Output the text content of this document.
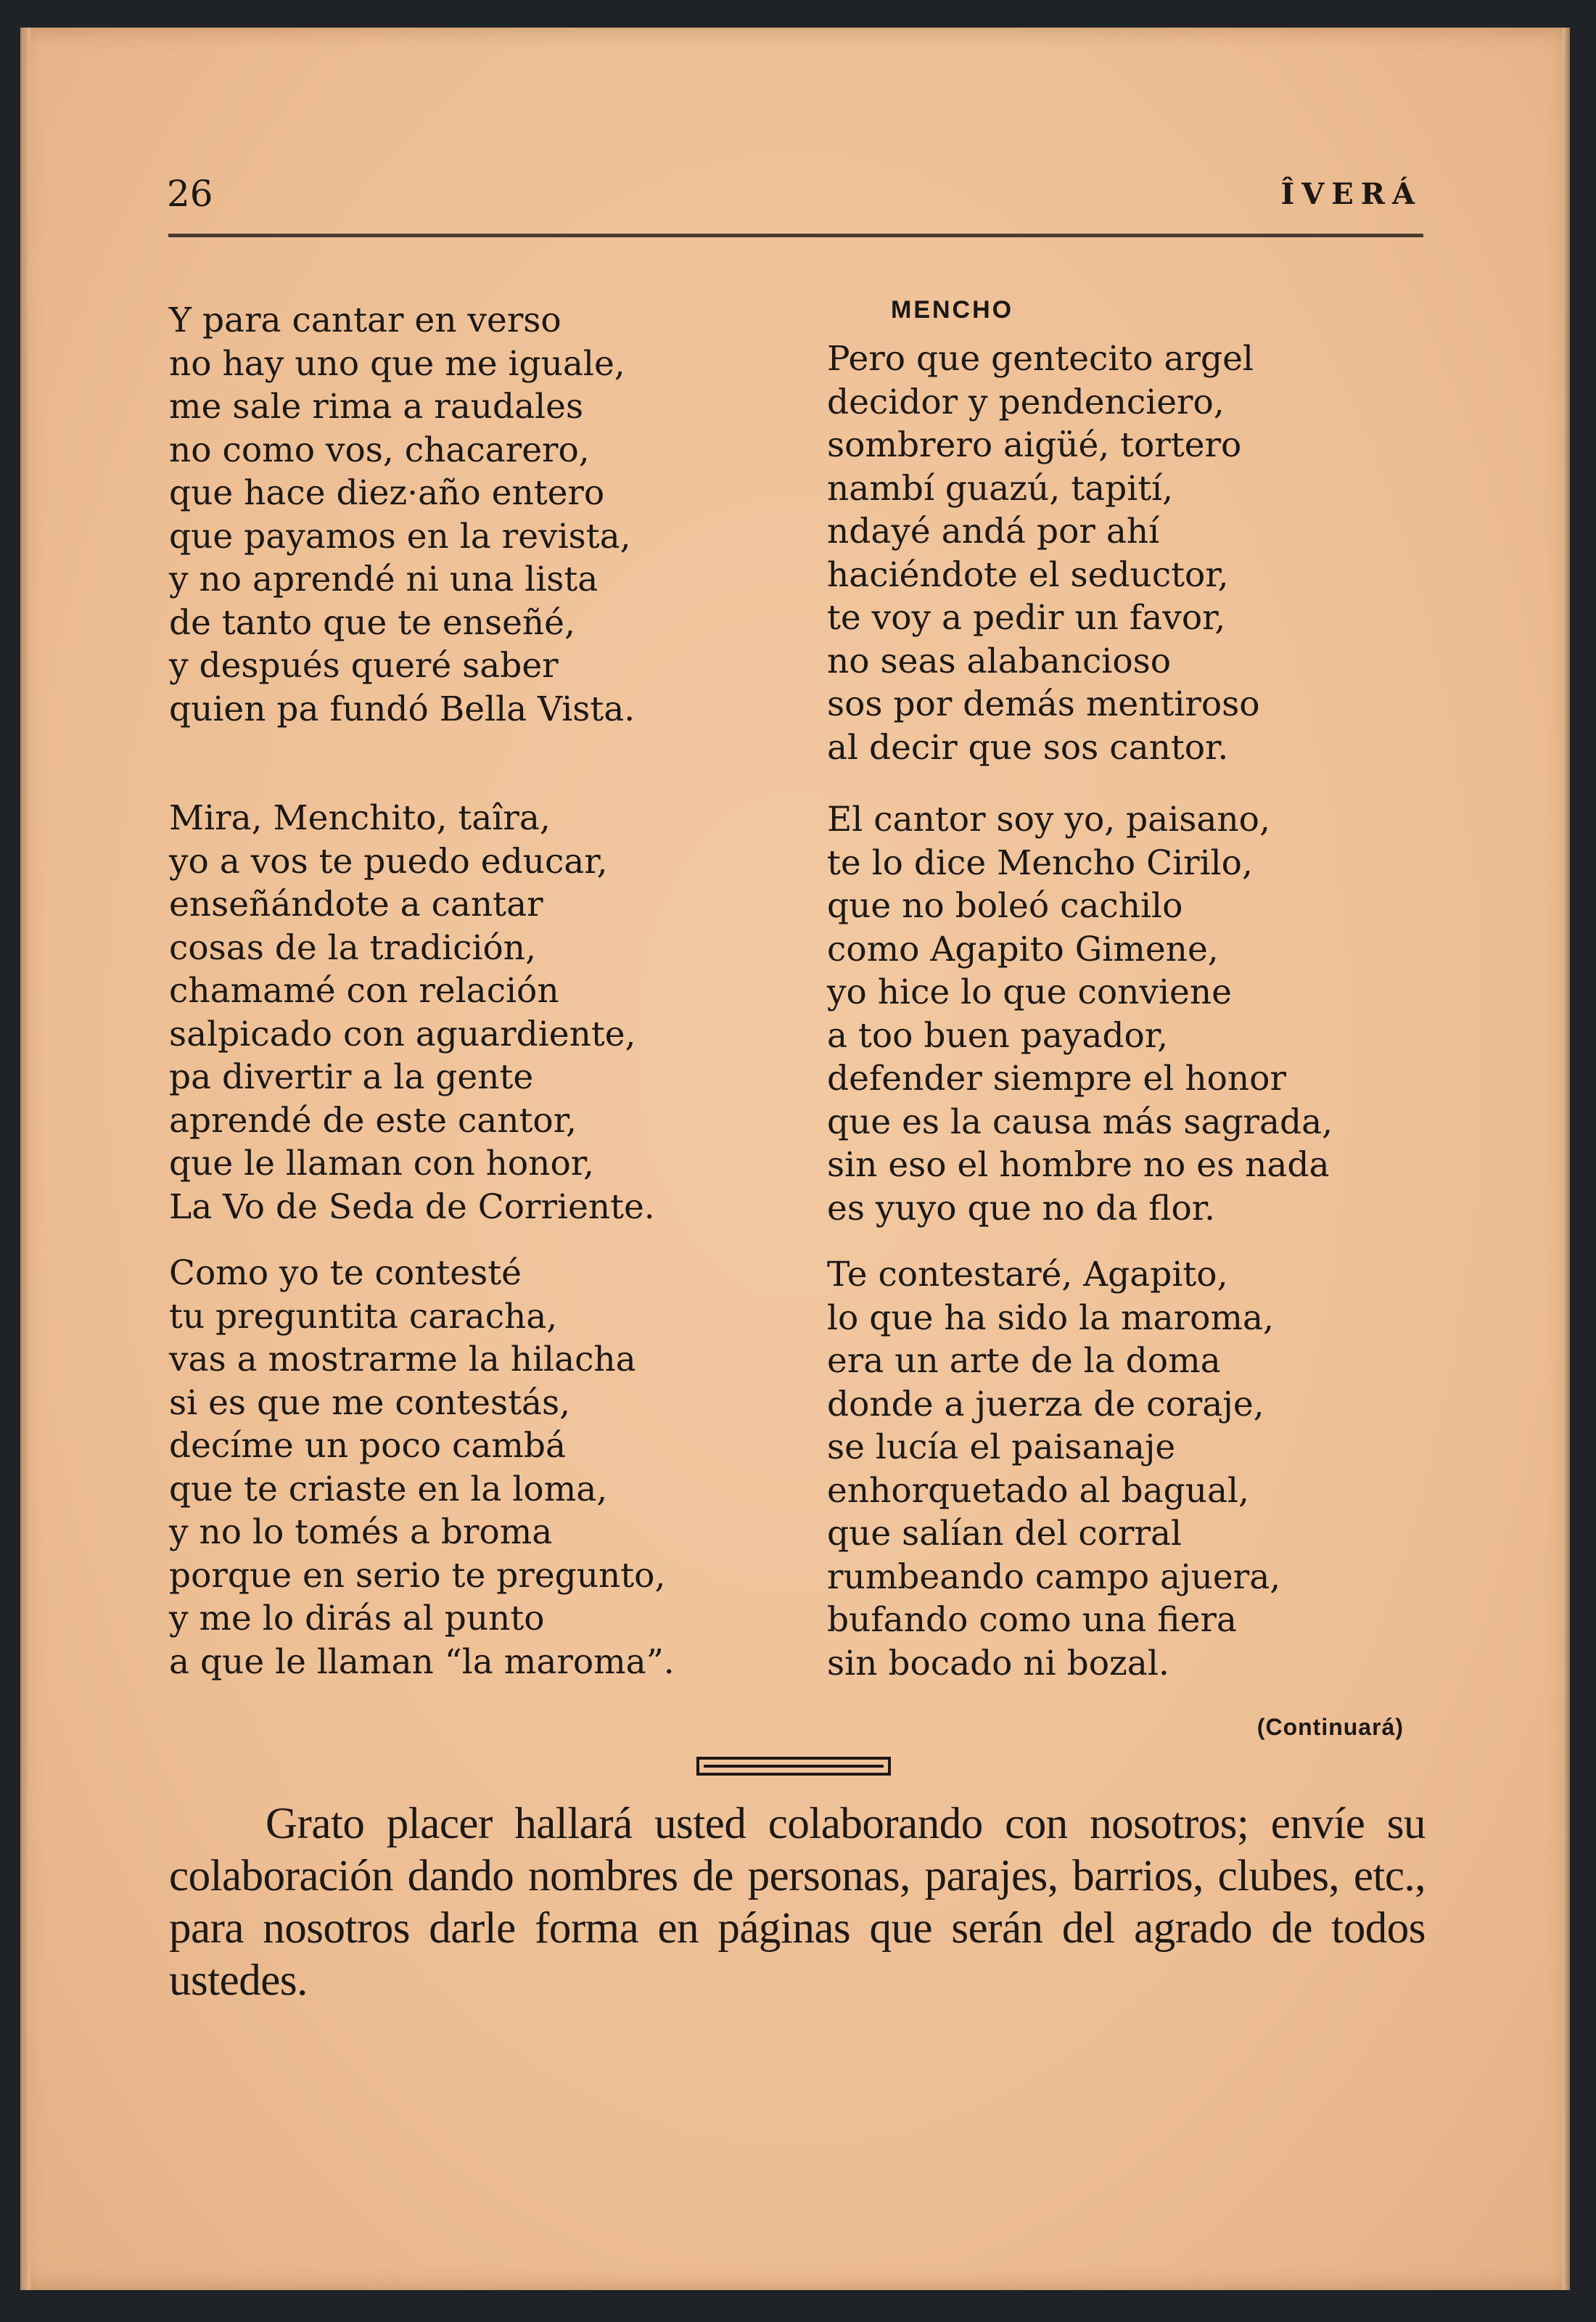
26	ÎVERÁ
MENCHO
Y para cantar en verso
no hay uno que me iguale,
me sale rima a raudales
no como vos, chacarero,
que hace diez·año entero
que payamos en la revista,
y no aprendé ni una lista
de tanto que te enseñé,
y después queré saber
quien pa fundó Bella Vista.
Mira, Menchito, taîra,
yo a vos te puedo educar,
enseñándote a cantar
cosas de la tradición,
chamamé con relación
salpicado con aguardiente,
pa divertir a la gente
aprendé de este cantor,
que le llaman con honor,
La Vo de Seda de Corriente.
Como yo te contesté
tu preguntita caracha,
vas a mostrarme la hilacha
si es que me contestás,
decíme un poco cambá
que te criaste en la loma,
y no lo tomés a broma
porque en serio te pregunto,
y me lo dirás al punto
a que le llaman “la maroma”.
Pero que gentecito argel
decidor y pendenciero,
sombrero aigüé, tortero
nambí guazú, tapití,
ndayé andá por ahí
haciéndote el seductor,
te voy a pedir un favor,
no seas alabancioso
sos por demás mentiroso
al decir que sos cantor.
El cantor soy yo, paisano,
te lo dice Mencho Cirilo,
que no boleó cachilo
como Agapito Gimene,
yo hice lo que conviene
a too buen payador,
defender siempre el honor
que es la causa más sagrada,
sin eso el hombre no es nada
es yuyo que no da flor.
Te contestaré, Agapito,
lo que ha sido la maroma,
era un arte de la doma
donde a juerza de coraje,
se lucía el paisanaje
enhorquetado al bagual,
que salían del corral
rumbeando campo ajuera,
bufando como una fiera
sin bocado ni bozal.
(Continuará)
Grato placer hallará usted colaborando con nosotros; envíe su colaboración dando nombres de personas, parajes, barrios, clubes, etc., para nosotros darle forma en páginas que serán del agrado de todos ustedes.
